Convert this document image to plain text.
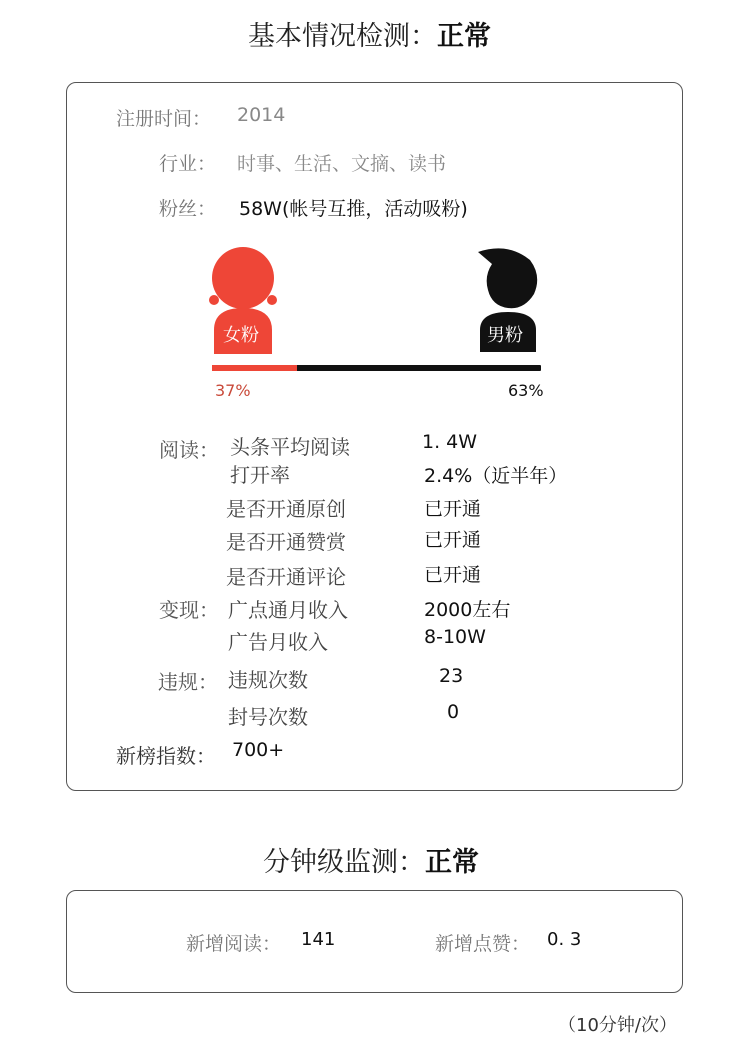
基本情况检测：正常
注册时间： 2014
行业： 时事、生活、文摘、读书
粉丝： 58W(帐号互推，活动吸粉)
女粉	男粉
37%	63%
阅读： 头条平均阅读	1. 4W
打开率	2.4%（近半年）
是否开通原创	已开通
是否开通赞赏	已开通
是否开通评论	已开通
变现： 广点通月收入	2000左右
广告月收入	8-10W
违规： 违规次数	23
封号次数	0
新榜指数： 700+
分钟级监测：正常
新增阅读： 141	新增点赞： 0. 3
（10分钟/次）
